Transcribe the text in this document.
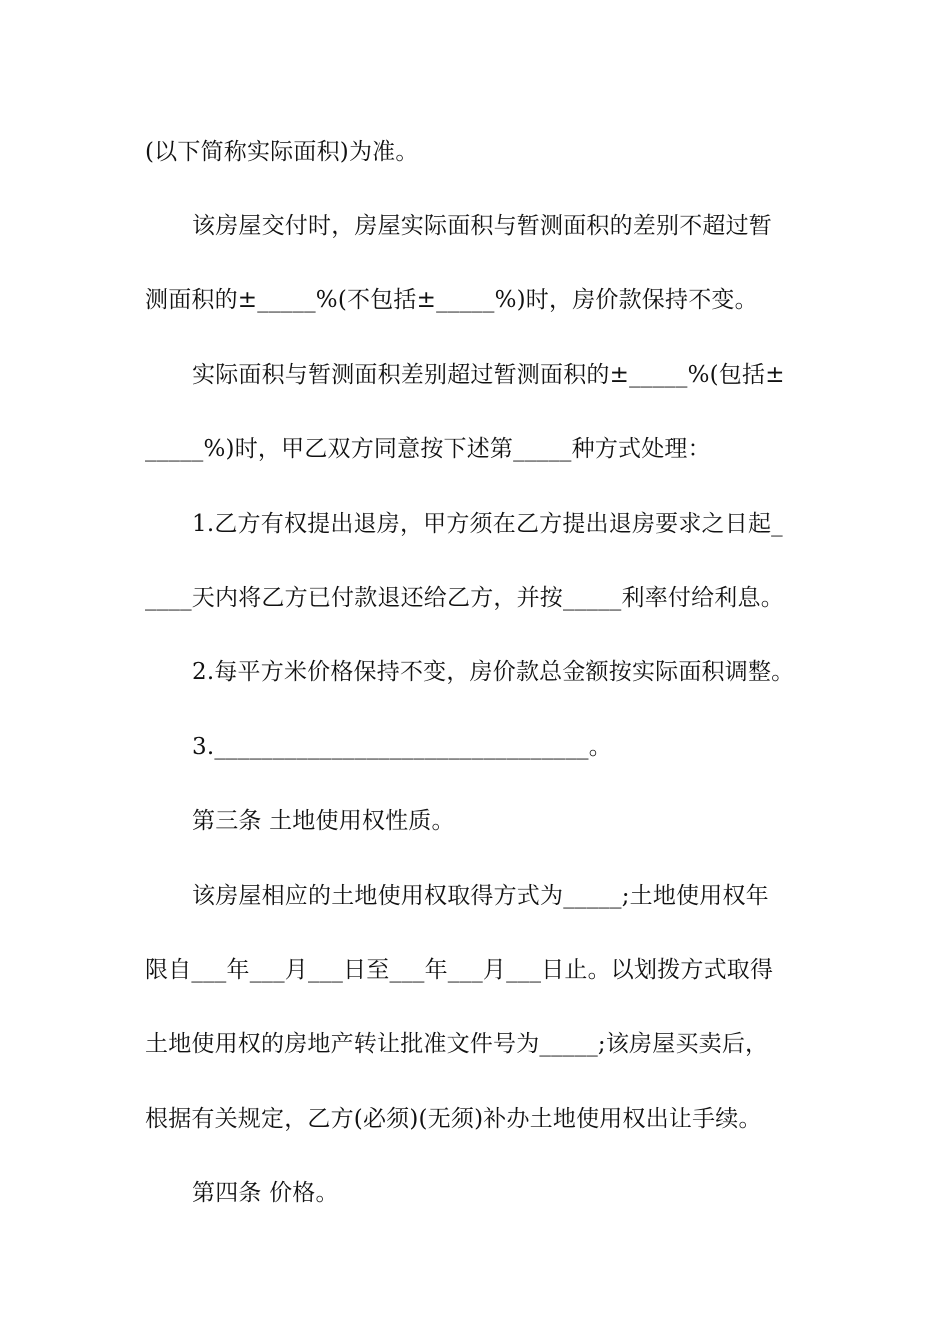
(以下简称实际面积)为准。
该房屋交付时，房屋实际面积与暂测面积的差别不超过暂
测面积的±_____%(不包括±_____%)时，房价款保持不变。
实际面积与暂测面积差别超过暂测面积的±_____%(包括±
_____%)时，甲乙双方同意按下述第_____种方式处理：
1.乙方有权提出退房，甲方须在乙方提出退房要求之日起_
____天内将乙方已付款退还给乙方，并按_____利率付给利息。
2.每平方米价格保持不变，房价款总金额按实际面积调整。
3.________________________________。
第三条 土地使用权性质。
该房屋相应的土地使用权取得方式为_____;土地使用权年
限自___年___月___日至___年___月___日止。以划拨方式取得
土地使用权的房地产转让批准文件号为_____;该房屋买卖后，
根据有关规定，乙方(必须)(无须)补办土地使用权出让手续。
第四条 价格。
